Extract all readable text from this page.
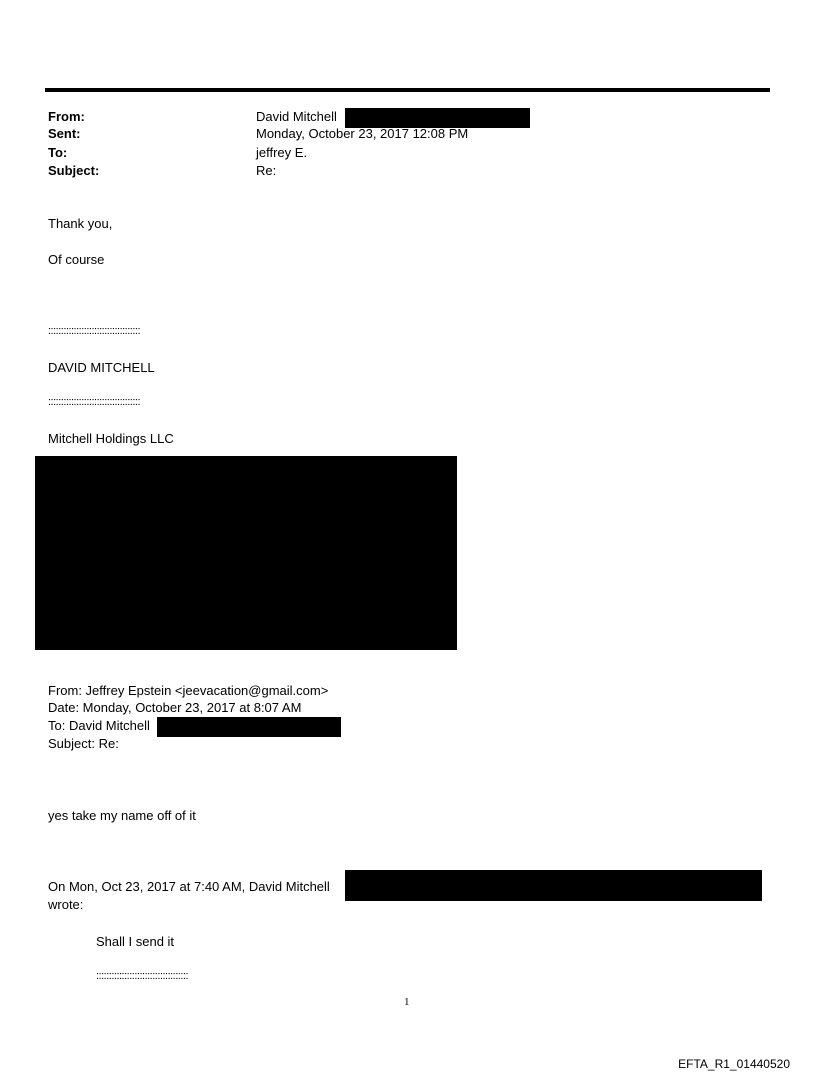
From:
Sent:
To:
Subject:
David Mitchell
Monday, October 23, 2017 12:08 PM
jeffrey E.
Re:
Thank you,
Of course
::::::::::::::::::::::::::::::::::::
DAVID MITCHELL
::::::::::::::::::::::::::::::::::::
Mitchell Holdings LLC
From: Jeffrey Epstein <jeevacation@gmail.com>
Date: Monday, October 23, 2017 at 8:07 AM
To: David Mitchell
Subject: Re:
yes take my name off of it
On Mon, Oct 23, 2017 at 7:40 AM, David Mitchell
wrote:
Shall I send it
::::::::::::::::::::::::::::::::::::
1
EFTA_R1_01440520
